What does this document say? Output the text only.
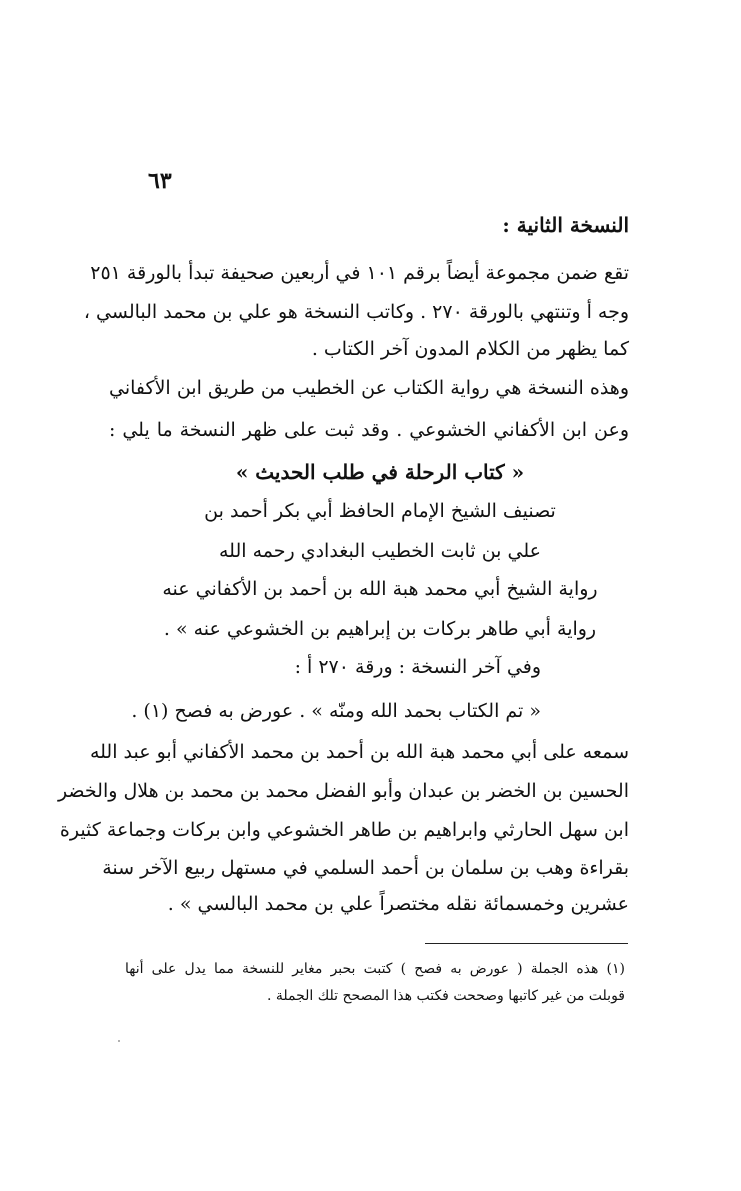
٦٣
النسخة الثانية :
تقع ضمن مجموعة أيضاً برقم ١٠١ في أربعين صحيفة تبدأ بالورقة ٢٥١
وجه أ وتنتهي بالورقة ٢٧٠ . وكاتب النسخة هو علي بن محمد البالسي ،
كما يظهر من الكلام المدون آخر الكتاب .
وهذه النسخة هي رواية الكتاب عن الخطيب من طريق ابن الأكفاني
وعن ابن الأكفاني الخشوعي . وقد ثبت على ظهر النسخة ما يلي :
« كتاب الرحلة في طلب الحديث »
تصنيف الشيخ الإمام الحافظ أبي بكر أحمد بن
علي بن ثابت الخطيب البغدادي رحمه الله
رواية الشيخ أبي محمد هبة الله بن أحمد بن الأكفاني عنه
رواية أبي طاهر بركات بن إبراهيم بن الخشوعي عنه » .
وفي آخر النسخة : ورقة ٢٧٠ أ :
« تم الكتاب بحمد الله ومنّه » . عورض به فصح (١) .
سمعه على أبي محمد هبة الله بن أحمد بن محمد الأكفاني أبو عبد الله
الحسين بن الخضر بن عبدان وأبو الفضل محمد بن محمد بن هلال والخضر
ابن سهل الحارثي وابراهيم بن طاهر الخشوعي وابن بركات وجماعة كثيرة
بقراءة وهب بن سلمان بن أحمد السلمي في مستهل ربيع الآخر سنة
عشرين وخمسمائة نقله مختصراً علي بن محمد البالسي » .
(١) هذه الجملة ( عورض به فصح ) كتبت بحبر مغاير للنسخة مما يدل على أنها
قوبلت من غير كاتبها وصححت فكتب هذا المصحح تلك الجملة .
